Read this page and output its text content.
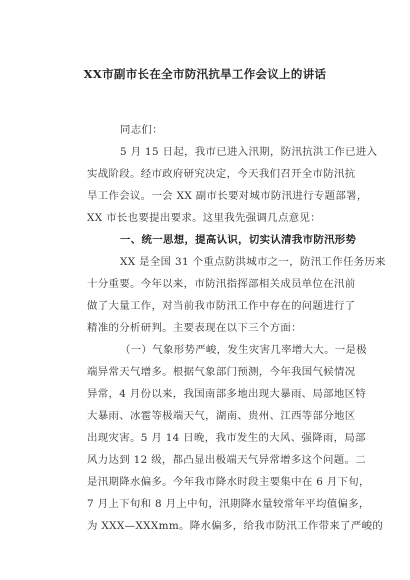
XX市副市长在全市防汛抗旱工作会议上的讲话
同志们：
5 月 15 日起，我市已进入汛期，防汛抗洪工作已进入
实战阶段。经市政府研究决定，今天我们召开全市防汛抗
旱工作会议。一会 XX 副市长要对城市防汛进行专题部署，
XX 市长也要提出要求。这里我先强调几点意见：
一、统一思想，提高认识，切实认清我市防汛形势
XX 是全国 31 个重点防洪城市之一，防汛工作任务历来
十分重要。今年以来，市防汛指挥部相关成员单位在汛前
做了大量工作，对当前我市防汛工作中存在的问题进行了
精准的分析研判。主要表现在以下三个方面：
（一）气象形势严峻，发生灾害几率增大大。一是极
端异常天气增多。根据气象部门预测，今年我国气候情况
异常，4 月份以来，我国南部多地出现大暴雨、局部地区特
大暴雨、冰雹等极端天气，湖南、贵州、江西等部分地区
出现灾害。5 月 14 日晚，我市发生的大风、强降雨，局部
风力达到 12 级，都凸显出极端天气异常增多这个问题。二
是汛期降水偏多。今年我市降水时段主要集中在 6 月下旬，
7 月上下旬和 8 月上中旬，汛期降水量较常年平均值偏多，
为 XXX—XXXmm。降水偏多，给我市防汛工作带来了严峻的
